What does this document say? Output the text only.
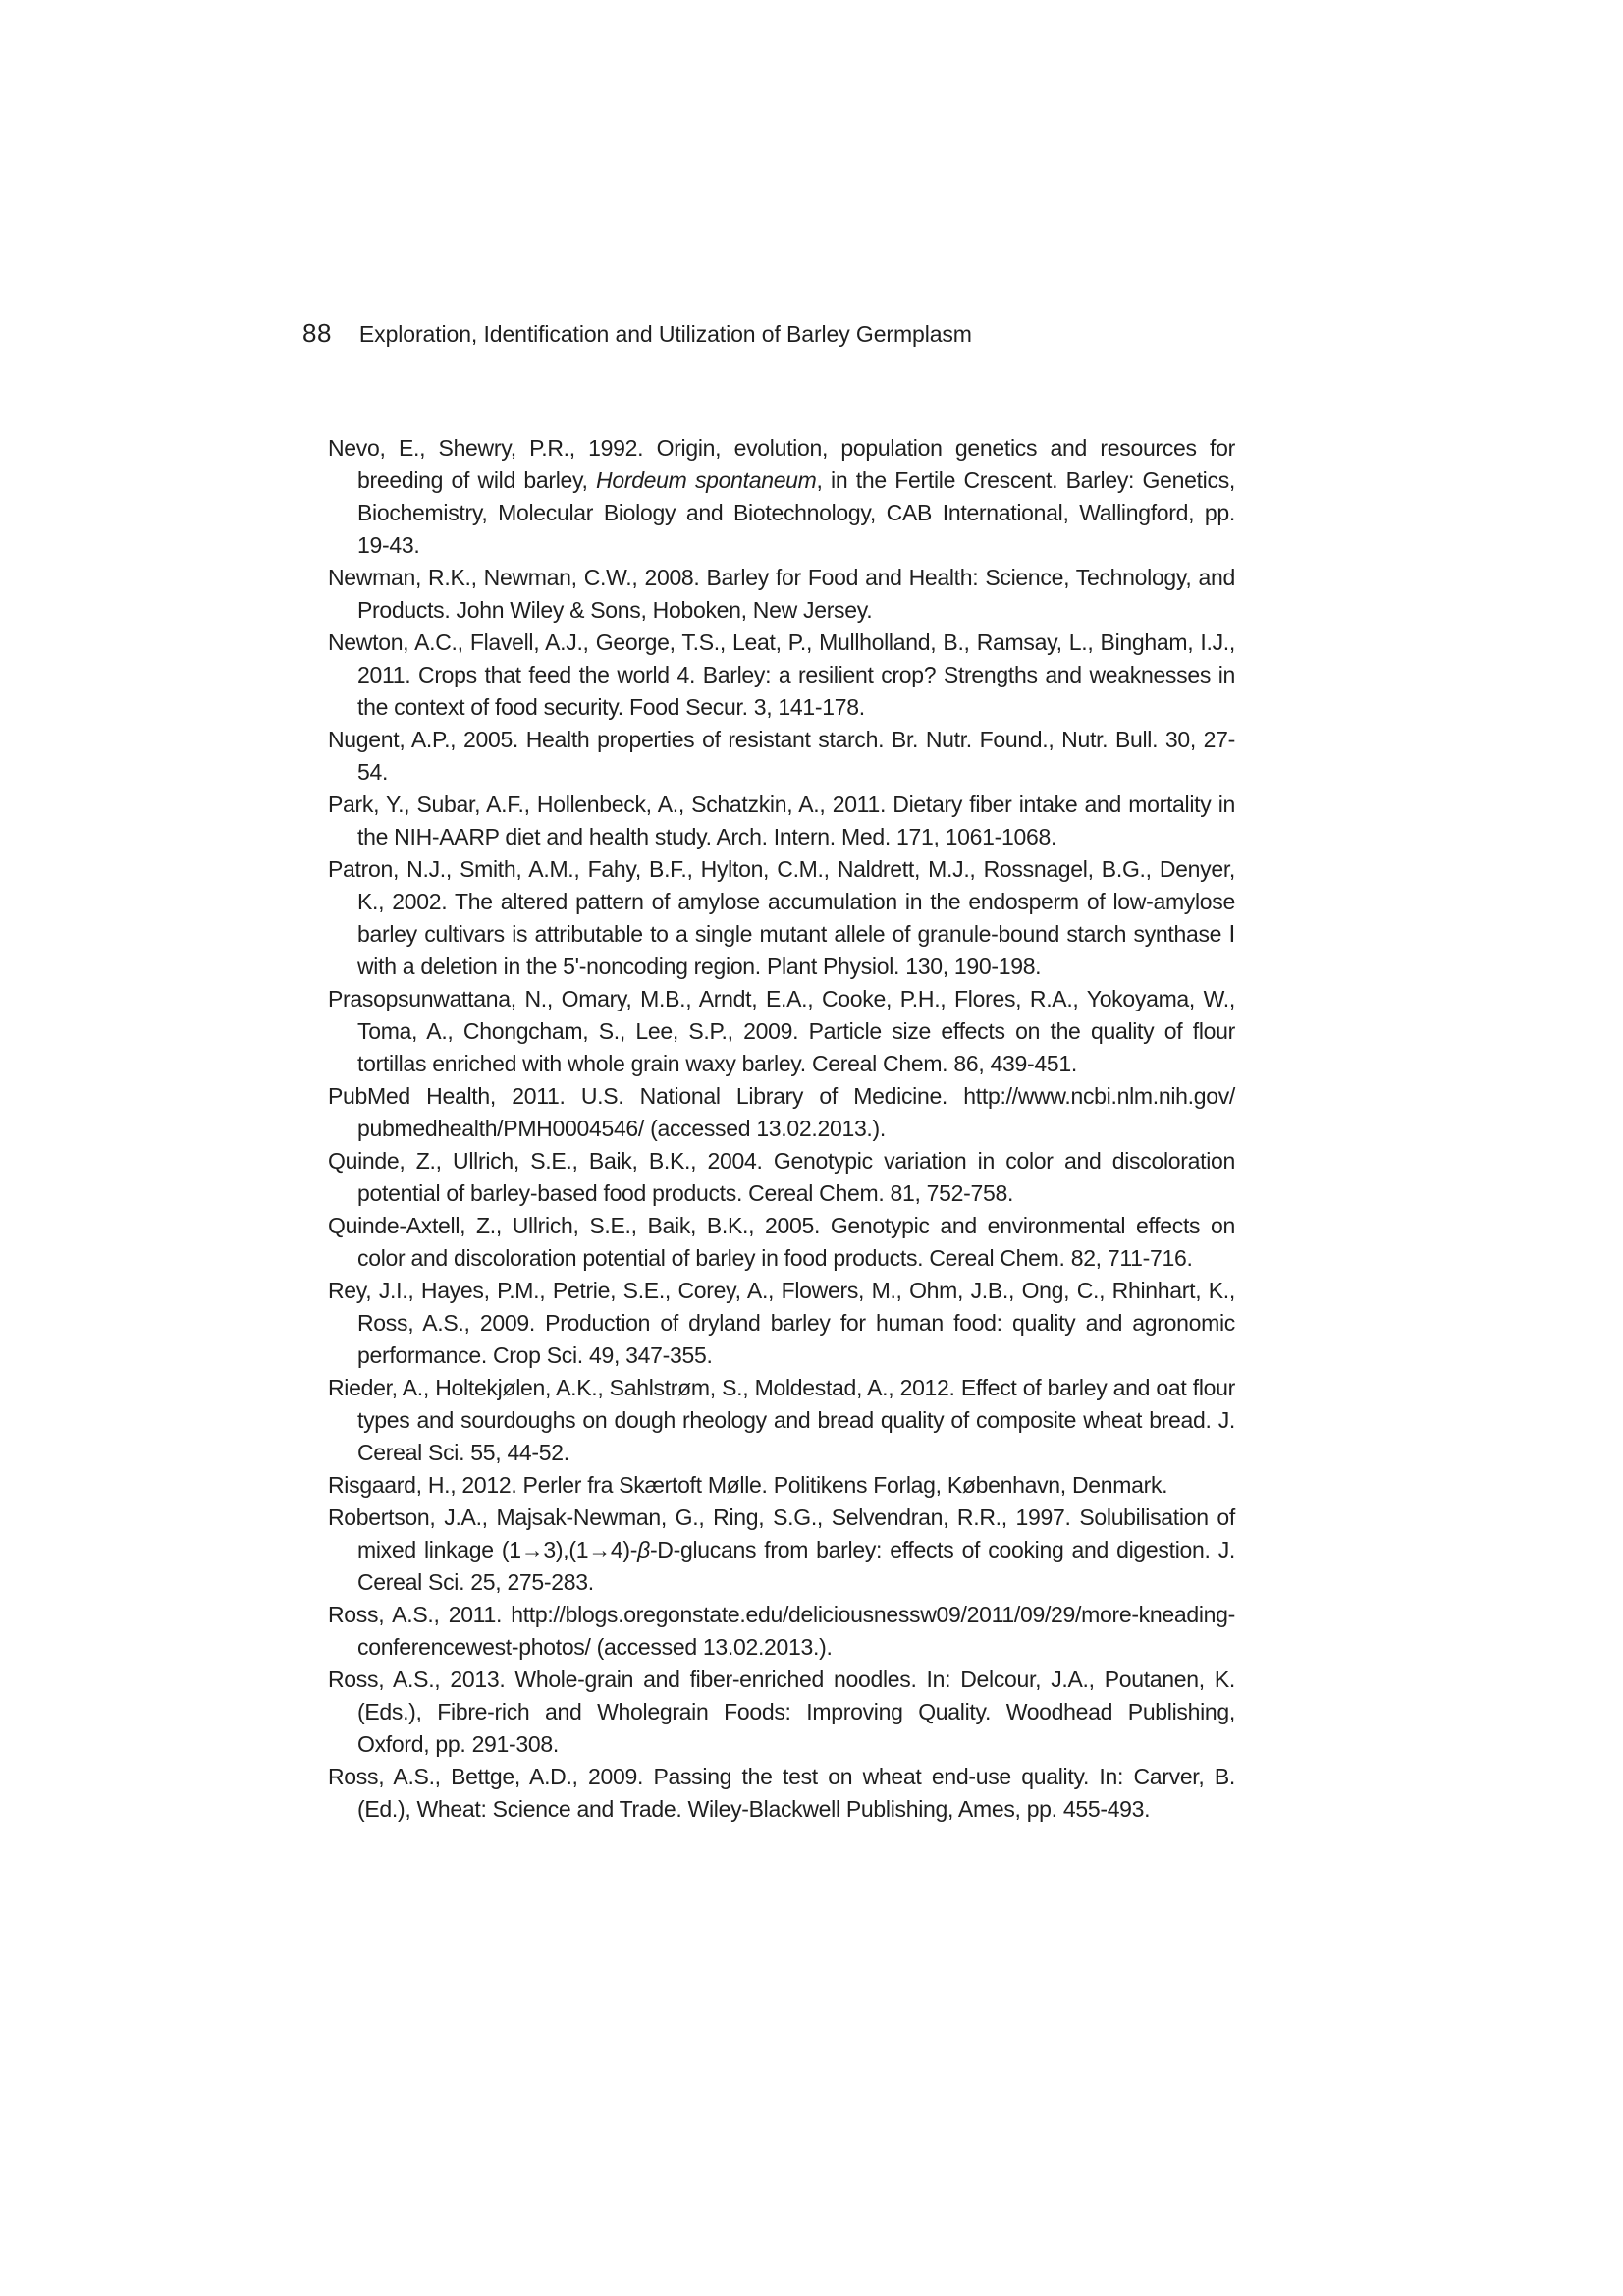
88 Exploration, Identification and Utilization of Barley Germplasm
Nevo, E., Shewry, P.R., 1992. Origin, evolution, population genetics and resources for breeding of wild barley, Hordeum spontaneum, in the Fertile Crescent. Barley: Genetics, Biochemistry, Molecular Biology and Biotechnology, CAB International, Wallingford, pp. 19-43.
Newman, R.K., Newman, C.W., 2008. Barley for Food and Health: Science, Technology, and Products. John Wiley & Sons, Hoboken, New Jersey.
Newton, A.C., Flavell, A.J., George, T.S., Leat, P., Mullholland, B., Ramsay, L., Bingham, I.J., 2011. Crops that feed the world 4. Barley: a resilient crop? Strengths and weaknesses in the context of food security. Food Secur. 3, 141-178.
Nugent, A.P., 2005. Health properties of resistant starch. Br. Nutr. Found., Nutr. Bull. 30, 27-54.
Park, Y., Subar, A.F., Hollenbeck, A., Schatzkin, A., 2011. Dietary fiber intake and mortality in the NIH-AARP diet and health study. Arch. Intern. Med. 171, 1061-1068.
Patron, N.J., Smith, A.M., Fahy, B.F., Hylton, C.M., Naldrett, M.J., Rossnagel, B.G., Denyer, K., 2002. The altered pattern of amylose accumulation in the endosperm of low-amylose barley cultivars is attributable to a single mutant allele of granule-bound starch synthase Ⅰ with a deletion in the 5'-noncoding region. Plant Physiol. 130, 190-198.
Prasopsunwattana, N., Omary, M.B., Arndt, E.A., Cooke, P.H., Flores, R.A., Yokoyama, W., Toma, A., Chongcham, S., Lee, S.P., 2009. Particle size effects on the quality of flour tortillas enriched with whole grain waxy barley. Cereal Chem. 86, 439-451.
PubMed Health, 2011. U.S. National Library of Medicine. http://www.ncbi.nlm.nih.​gov/​pubmedhealth/​PMH0004546/ (accessed 13.02.2013.).
Quinde, Z., Ullrich, S.E., Baik, B.K., 2004. Genotypic variation in color and discoloration potential of barley-based food products. Cereal Chem. 81, 752-758.
Quinde-Axtell, Z., Ullrich, S.E., Baik, B.K., 2005. Genotypic and environmental effects on color and discoloration potential of barley in food products. Cereal Chem. 82, 711-716.
Rey, J.I., Hayes, P.M., Petrie, S.E., Corey, A., Flowers, M., Ohm, J.B., Ong, C., Rhinhart, K., Ross, A.S., 2009. Production of dryland barley for human food: quality and agronomic performance. Crop Sci. 49, 347-355.
Rieder, A., Holtekjølen, A.K., Sahlstrøm, S., Moldestad, A., 2012. Effect of barley and oat flour types and sourdoughs on dough rheology and bread quality of composite wheat bread. J. Cereal Sci. 55, 44-52.
Risgaard, H., 2012. Perler fra Skærtoft Mølle. Politikens Forlag, København, Denmark.
Robertson, J.A., Majsak-Newman, G., Ring, S.G., Selvendran, R.R., 1997. Solubilisation of mixed linkage (1→3),(1→4)-β-D-glucans from barley: effects of cooking and digestion. J. Cereal Sci. 25, 275-283.
Ross, A.S., 2011. http://blogs.oregonstate.edu/​deliciousnessw09/​2011/​09/​29/​more-kneading-conferencewest-photos/ (accessed 13.02.2013.).
Ross, A.S., 2013. Whole-grain and fiber-enriched noodles. In: Delcour, J.A., Poutanen, K. (Eds.), Fibre-rich and Wholegrain Foods: Improving Quality. Woodhead Publishing, Oxford, pp. 291-308.
Ross, A.S., Bettge, A.D., 2009. Passing the test on wheat end-use quality. In: Carver, B. (Ed.), Wheat: Science and Trade. Wiley-Blackwell Publishing, Ames, pp. 455-493.
